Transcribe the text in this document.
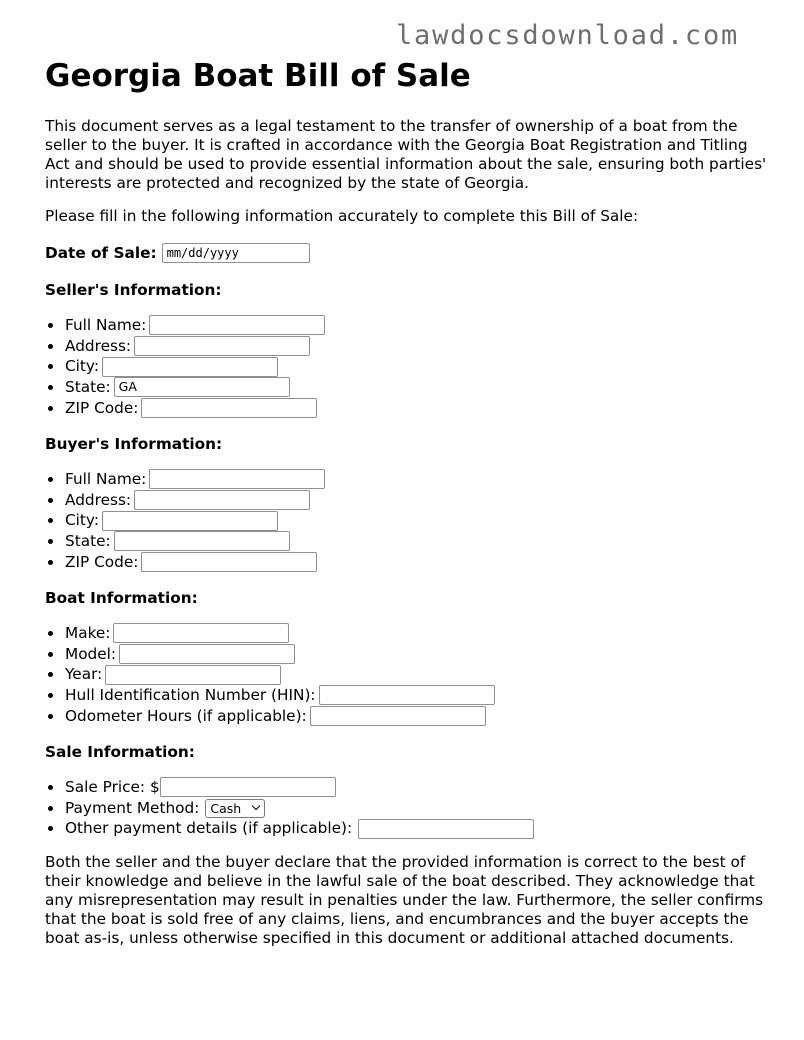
lawdocsdownload.com
Georgia Boat Bill of Sale

This document serves as a legal testament to the transfer of ownership of a boat from the seller to the buyer. It is crafted in accordance with the Georgia Boat Registration and Titling Act and should be used to provide essential information about the sale, ensuring both parties' interests are protected and recognized by the state of Georgia.

Please fill in the following information accurately to complete this Bill of Sale:

Date of Sale: mm/dd/yyyy
Seller's Information:
Full Name:
Address:
City:
State: GA
ZIP Code:
Buyer's Information:
Full Name:
Address:
City:
State:
ZIP Code:
Boat Information:
Make:
Model:
Year:
Hull Identification Number (HIN):
Odometer Hours (if applicable):
Sale Information:
Sale Price: $
Payment Method: Cash
Other payment details (if applicable):

Both the seller and the buyer declare that the provided information is correct to the best of their knowledge and believe in the lawful sale of the boat described. They acknowledge that any misrepresentation may result in penalties under the law. Furthermore, the seller confirms that the boat is sold free of any claims, liens, and encumbrances and the buyer accepts the boat as-is, unless otherwise specified in this document or additional attached documents.
